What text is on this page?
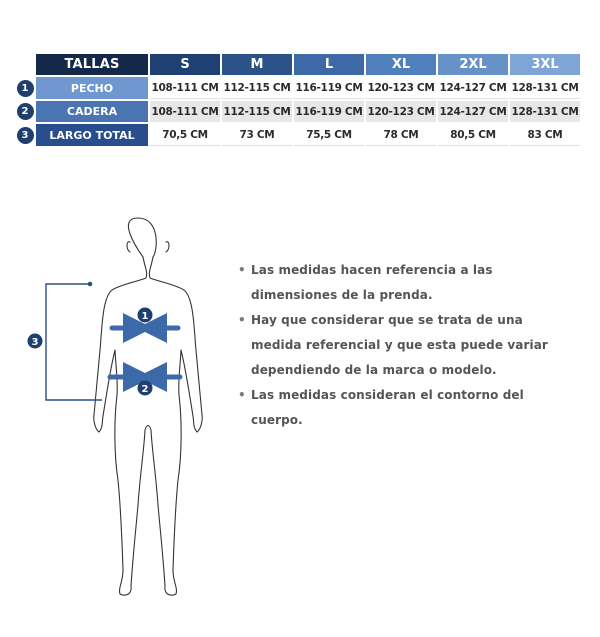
	TALLAS	S	M	L	XL	2XL	3XL
1	PECHO	108-111 CM	112-115 CM	116-119 CM	120-123 CM	124-127 CM	128-131 CM
2	CADERA	108-111 CM	112-115 CM	116-119 CM	120-123 CM	124-127 CM	128-131 CM
3	LARGO TOTAL	70,5 CM	73 CM	75,5 CM	78 CM	80,5 CM	83 CM
1
2
3
• Las medidas hacen referencia a las dimensiones de la prenda.
• Hay que considerar que se trata de una medida referencial y que esta puede variar dependiendo de la marca o modelo.
• Las medidas consideran el contorno del cuerpo.
